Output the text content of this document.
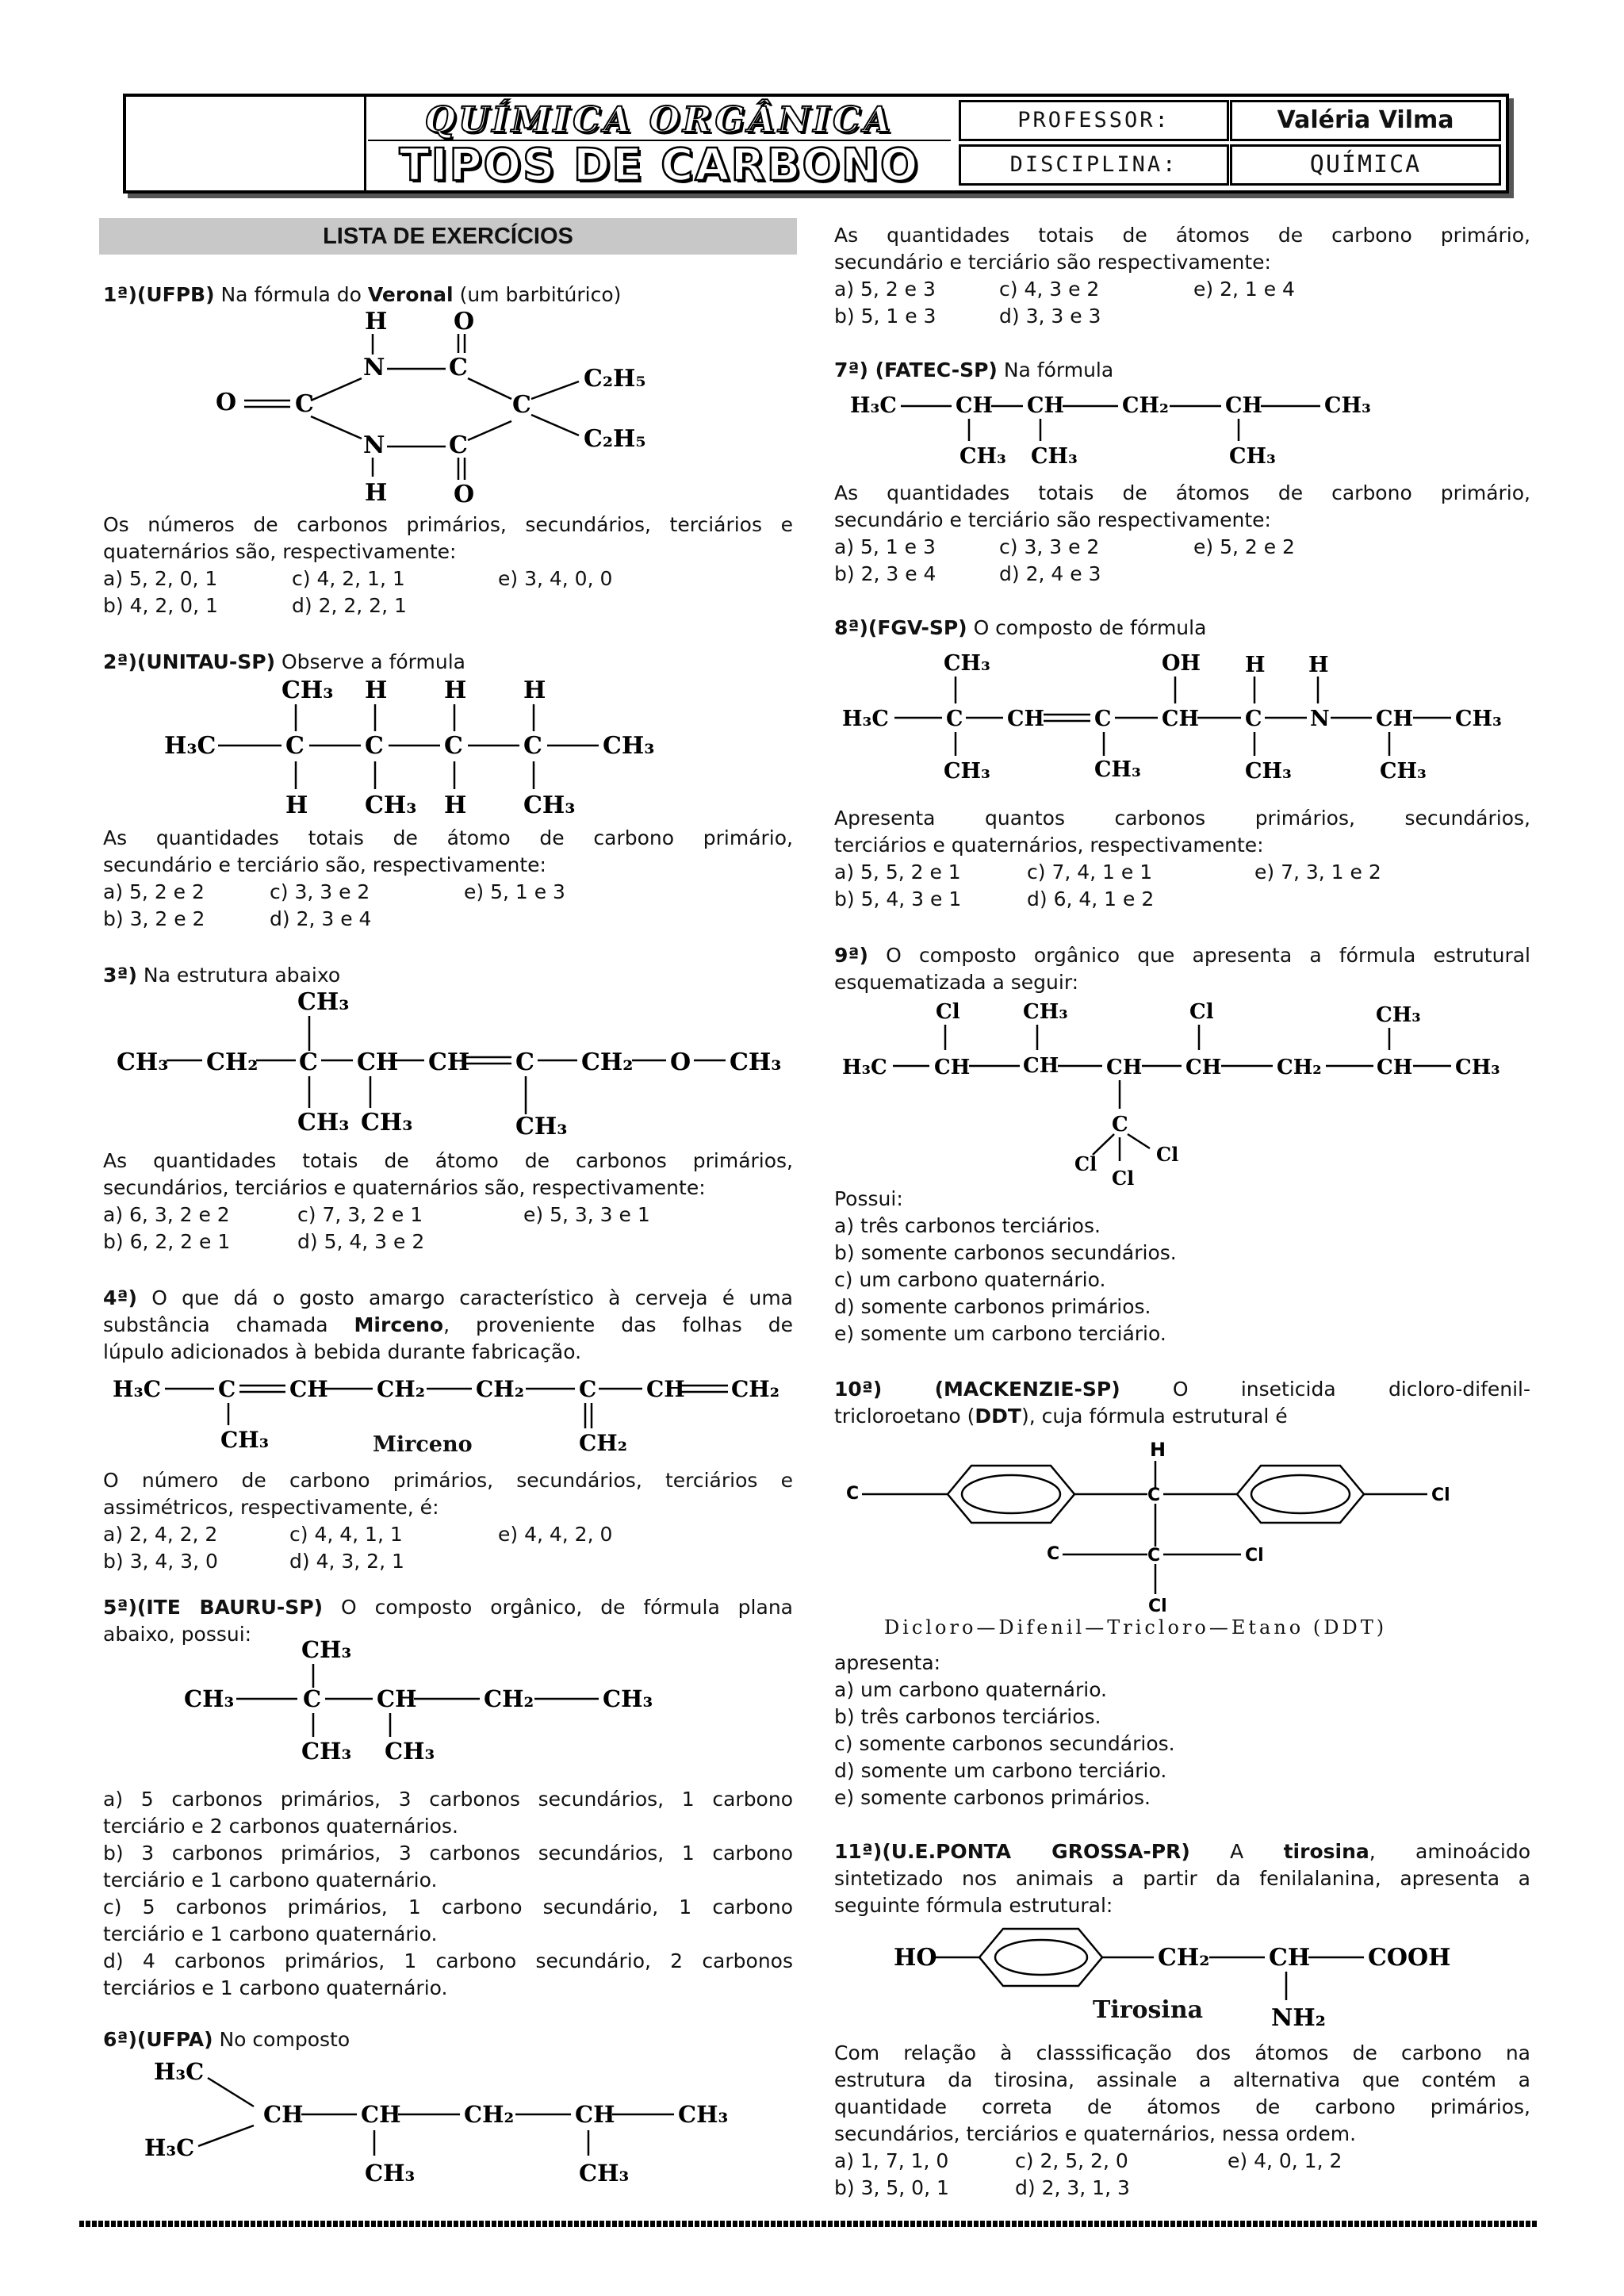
QUÍMICA ORGÂNICA
TIPOS DE CARBONO
PROFESSOR:	Valéria Vilma
DISCIPLINA:	QUÍMICA
LISTA DE EXERCÍCIOS
1ª)(UFPB) Na fórmula do Veronal (um barbitúrico)
H	O
N	C
O C	C
C₂H₅
C₂H₅
N	C
H	O
Os números de carbonos primários, secundários, terciários e
quaternários são, respectivamente:
a) 5, 2, 0, 1	c) 4, 2, 1, 1	e) 3, 4, 0, 0
b) 4, 2, 0, 1	d) 2, 2, 2, 1
2ª)(UNITAU-SP) Observe a fórmula
CH₃ H H H
H₃C	C	C	C	C	CH₃
H CH₃ H CH₃
As quantidades totais de átomo de carbono primário,
secundário e terciário são, respectivamente:
a) 5, 2 e 2	c) 3, 3 e 2	e) 5, 1 e 3
b) 3, 2 e 2	d) 2, 3 e 4
3ª) Na estrutura abaixo
CH₃
CH₃ CH₂ C CH CH C CH₂ O CH₃
CH₃ CH₃	CH₃
As quantidades totais de átomo de carbonos primários,
secundários, terciários e quaternários são, respectivamente:
a) 6, 3, 2 e 2	c) 7, 3, 2 e 1	e) 5, 3, 3 e 1
b) 6, 2, 2 e 1	d) 5, 4, 3 e 2
4ª) O que dá o gosto amargo característico à cerveja é uma
substância chamada Mirceno, proveniente das folhas de
lúpulo adicionados à bebida durante fabricação.
H₃C	C CH CH₂ CH₂ C CH CH₂
CH₃	CH₂
Mirceno
O número de carbono primários, secundários, terciários e
assimétricos, respectivamente, é:
a) 2, 4, 2, 2	c) 4, 4, 1, 1	e) 4, 4, 2, 0
b) 3, 4, 3, 0	d) 4, 3, 2, 1
5ª)(ITE BAURU-SP) O composto orgânico, de fórmula plana
abaixo, possui:
CH₃
CH₃	C CH	CH₂	CH₃
CH₃ CH₃
a) 5 carbonos primários, 3 carbonos secundários, 1 carbono
terciário e 2 carbonos quaternários.
b) 3 carbonos primários, 3 carbonos secundários, 1 carbono
terciário e 1 carbono quaternário.
c) 5 carbonos primários, 1 carbono secundário, 1 carbono
terciário e 1 carbono quaternário.
d) 4 carbonos primários, 1 carbono secundário, 2 carbonos
terciários e 1 carbono quaternário.
6ª)(UFPA) No composto
H₃C
CH	CH	CH₂	CH	CH₃
H₃C
CH₃	CH₃
As quantidades totais de átomos de carbono primário,
secundário e terciário são respectivamente:
a) 5, 2 e 3	c) 4, 3 e 2	e) 2, 1 e 4
b) 5, 1 e 3	d) 3, 3 e 3
7ª) (FATEC-SP) Na fórmula
H₃C	CH CH	CH₂	CH	CH₃
CH₃ CH₃	CH₃
As quantidades totais de átomos de carbono primário,
secundário e terciário são respectivamente:
a) 5, 1 e 3	c) 3, 3 e 2	e) 5, 2 e 2
b) 2, 3 e 4	d) 2, 4 e 3
8ª)(FGV-SP) O composto de fórmula
CH₃	OH H H
H₃C	C CH C CH C N CH CH₃
CH₃	CH₃	CH₃	CH₃
Apresenta quantos carbonos primários, secundários,
terciários e quaternários, respectivamente:
a) 5, 5, 2 e 1	c) 7, 4, 1 e 1	e) 7, 3, 1 e 2
b) 5, 4, 3 e 1	d) 6, 4, 1 e 2
9ª) O composto orgânico que apresenta a fórmula estrutural
esquematizada a seguir:
Cl	CH₃	Cl	CH₃
H₃C CH	CH CH CH	CH₂	CH CH₃
C
Cl	Cl
Cl
Possui:
a) três carbonos terciários.
b) somente carbonos secundários.
c) um carbono quaternário.
d) somente carbonos primários.
e) somente um carbono terciário.
10ª)	(MACKENZIE-SP)	O inseticida dicloro-difenil-
tricloroetano (DDT), cuja fórmula estrutural é
H
C	C	Cl
C	C	Cl
Cl
Dicloro—Difenil—Tricloro—Etano (DDT)
apresenta:
a) um carbono quaternário.
b) três carbonos terciários.
c) somente carbonos secundários.
d) somente um carbono terciário.
e) somente carbonos primários.
11ª)(U.E.PONTA GROSSA-PR) A tirosina, aminoácido
sintetizado nos animais a partir da fenilalanina, apresenta a
seguinte fórmula estrutural:
HO	CH₂ CH COOH
NH₂
Tirosina
Com relação à classsificação dos átomos de carbono na
estrutura da tirosina, assinale a alternativa que contém a
quantidade correta de átomos de carbono primários,
secundários, terciários e quaternários, nessa ordem.
a) 1, 7, 1, 0	c) 2, 5, 2, 0	e) 4, 0, 1, 2
b) 3, 5, 0, 1	d) 2, 3, 1, 3
